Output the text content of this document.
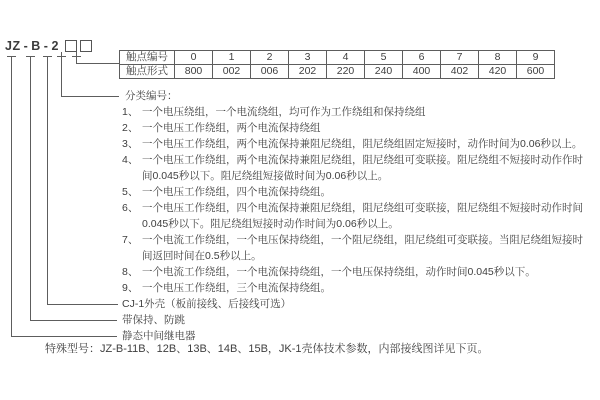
JZ - B - 2
触点编号	0	1	2	3	4	5	6	7	8	9
触点形式	800	002	006	202	220	240	400	402	420	600
分类编号：
1、 一个电压绕组，一个电流绕组，均可作为工作绕组和保持绕组
2、 一个电压工作绕组，两个电流保持绕组
3、 一个电压工作绕组，两个电流保持兼阻尼绕组，阻尼绕组固定短接时，动作时间为0.06秒以上。
4、 一个电压工作绕组，两个电流保持兼阻尼绕组，阻尼绕组可变联接。阻尼绕组不短接时动作作时
间0.045秒以下。阻尼绕组短接做时间为0.06秒以上。
5、 一个电压工作绕组，四个电流保持绕组。
6、 一个电压工作绕组，四个电流保持兼阻尼绕组，阻尼绕组可变联接，阻尼绕组不短接时动作时间
0.045秒以下。阻尼绕组短接时动作时间为0.06秒以上。
7、 一个电流工作绕组，一个电压保持绕组，一个阻尼绕组，阻尼绕组可变联接。当阻尼绕组短接时
间返回时间在0.5秒以上。
8、 一个电流工作绕组，一个电流保持绕组，一个电压保持绕组，动作时间0.045秒以下。
9、 一个电压工作绕组，三个电流保持绕组。
CJ-1外壳（板前接线、后接线可选）
带保持、防跳
静态中间继电器
特殊型号：JZ-B-11B、12B、13B、14B、15B，JK-1壳体技术参数，内部接线图详见下页。
